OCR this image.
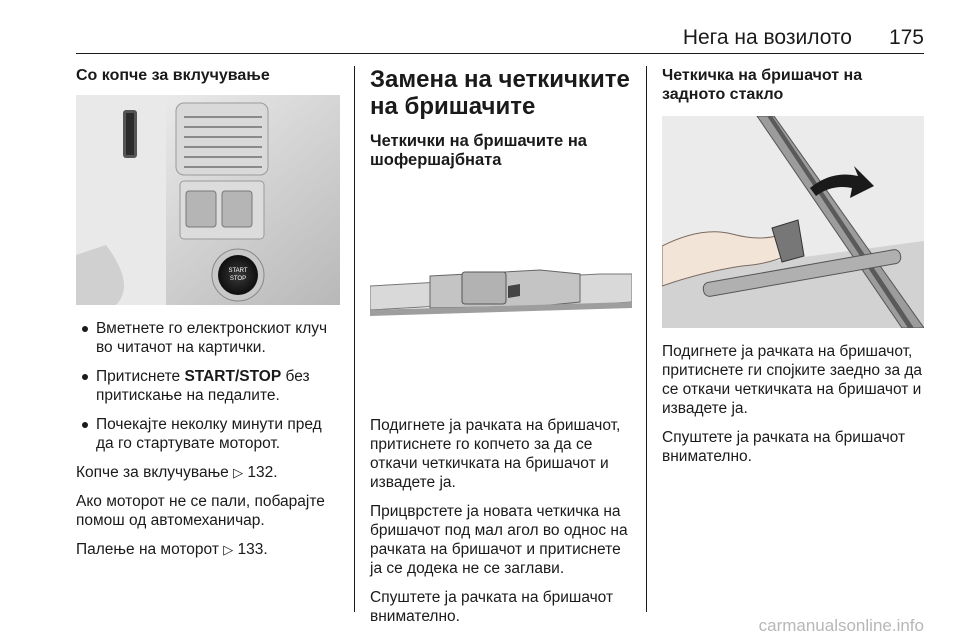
Нега на возилото 175
Со копче за вклучување
START
STOP
Вметнете го електронскиот клуч во читачот на картички.
Притиснете START/STOP без притискање на педалите.
Почекајте неколку минути пред да го стартувате моторот.

Копче за вклучување ▷ 132.

Ако моторот не се пали, побарајте помош од автомеханичар.

Палење на моторот ▷ 133.

Замена на четкичките на бришачите
Четкички на бришачите на шофершајбната

Подигнете ја рачката на бришачот, притиснете го копчето за да се откачи четкичката на бришачот и извадете ја.

Прицврстете ја новата четкичка на бришачот под мал агол во однос на рачката на бришачот и притиснете ја се додека не се заглави.

Спуштете ја рачката на бришачот внимателно.

Четкичка на бришачот на задното стакло

Подигнете ја рачката на бришачот, притиснете ги спојките заедно за да се откачи четкичката на бришачот и извадете ја.

Спуштете ја рачката на бришачот внимателно.

carmanualsonline.info
